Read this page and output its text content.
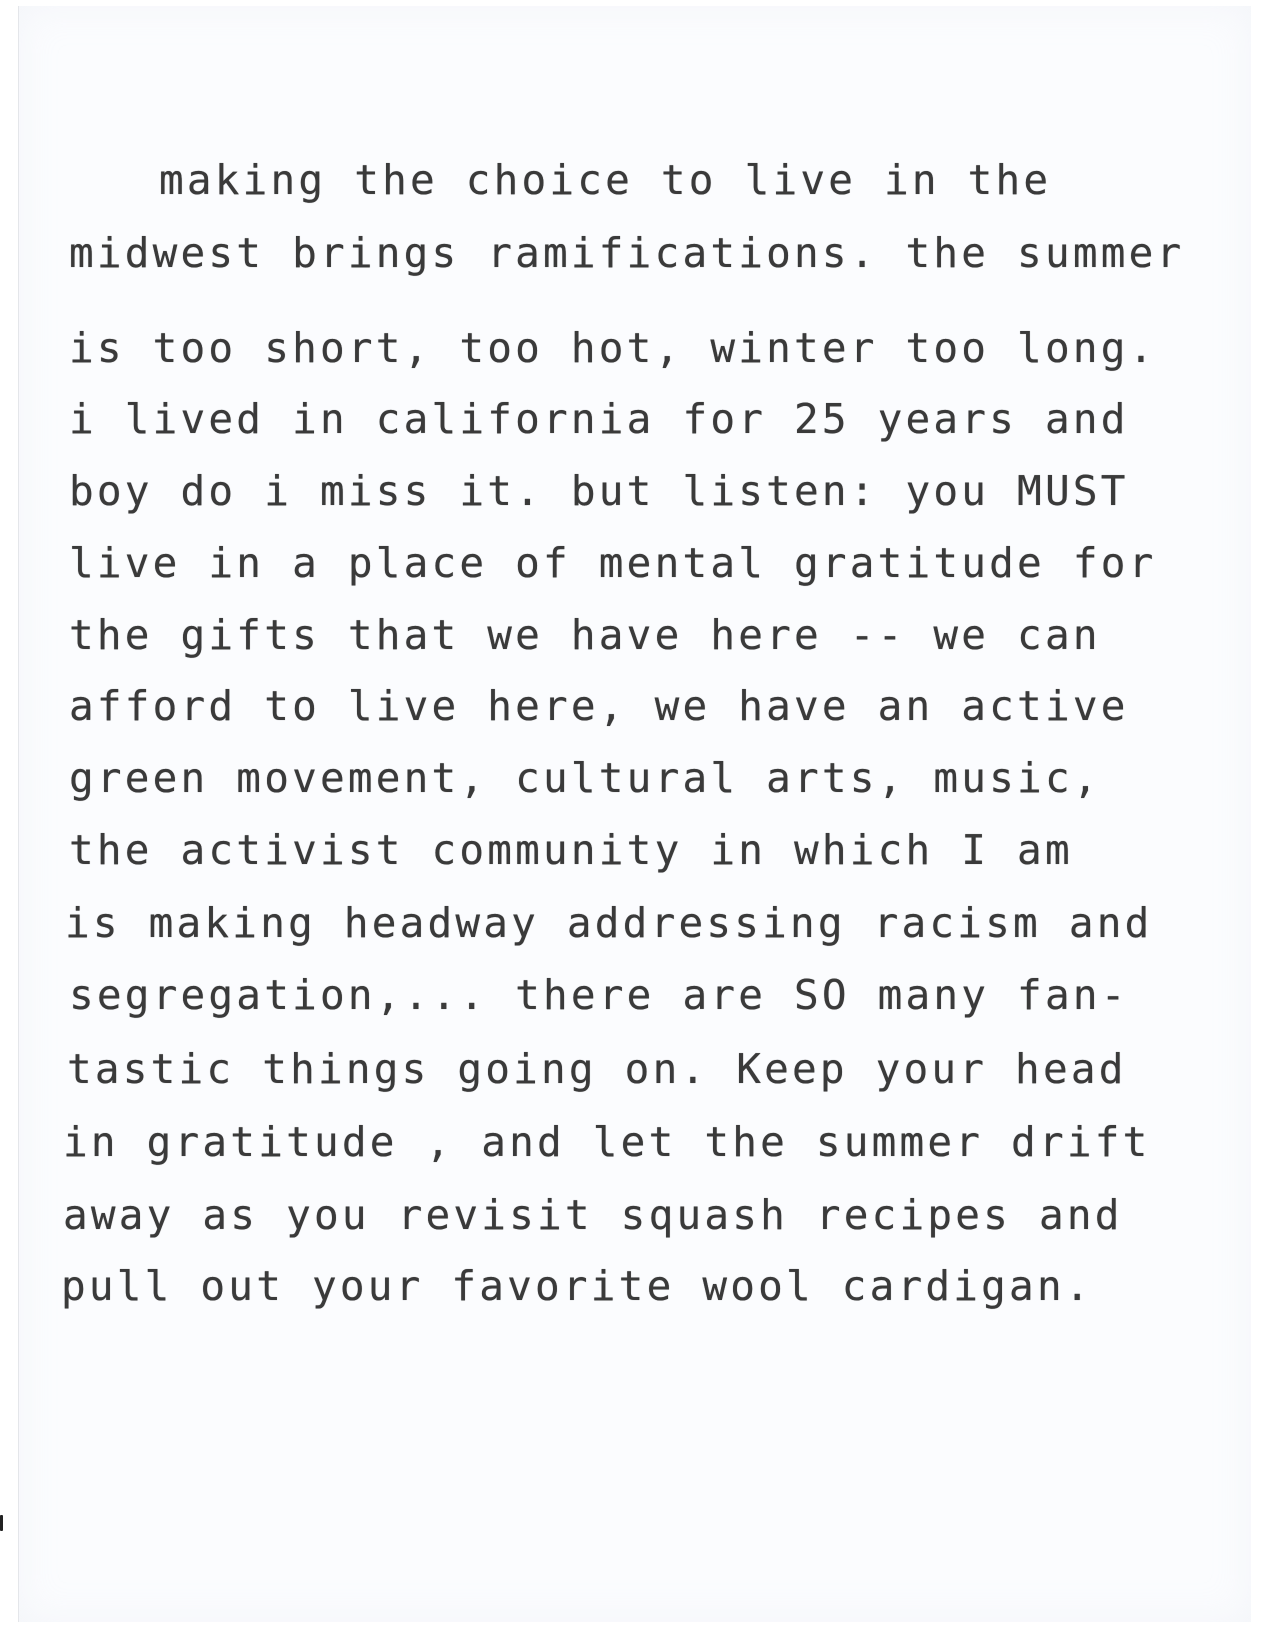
making the choice to live in the
midwest brings ramifications. the summer
is too short, too hot, winter too long.
i lived in california for 25 years and
boy do i miss it. but listen: you MUST
live in a place of mental gratitude for
the gifts that we have here -- we can
afford to live here, we have an active
green movement, cultural arts, music,
the activist community in which I am
is making headway addressing racism and
segregation,... there are SO many fan-
tastic things going on. Keep your head
in gratitude , and let the summer drift
away as you revisit squash recipes and
pull out your favorite wool cardigan.
